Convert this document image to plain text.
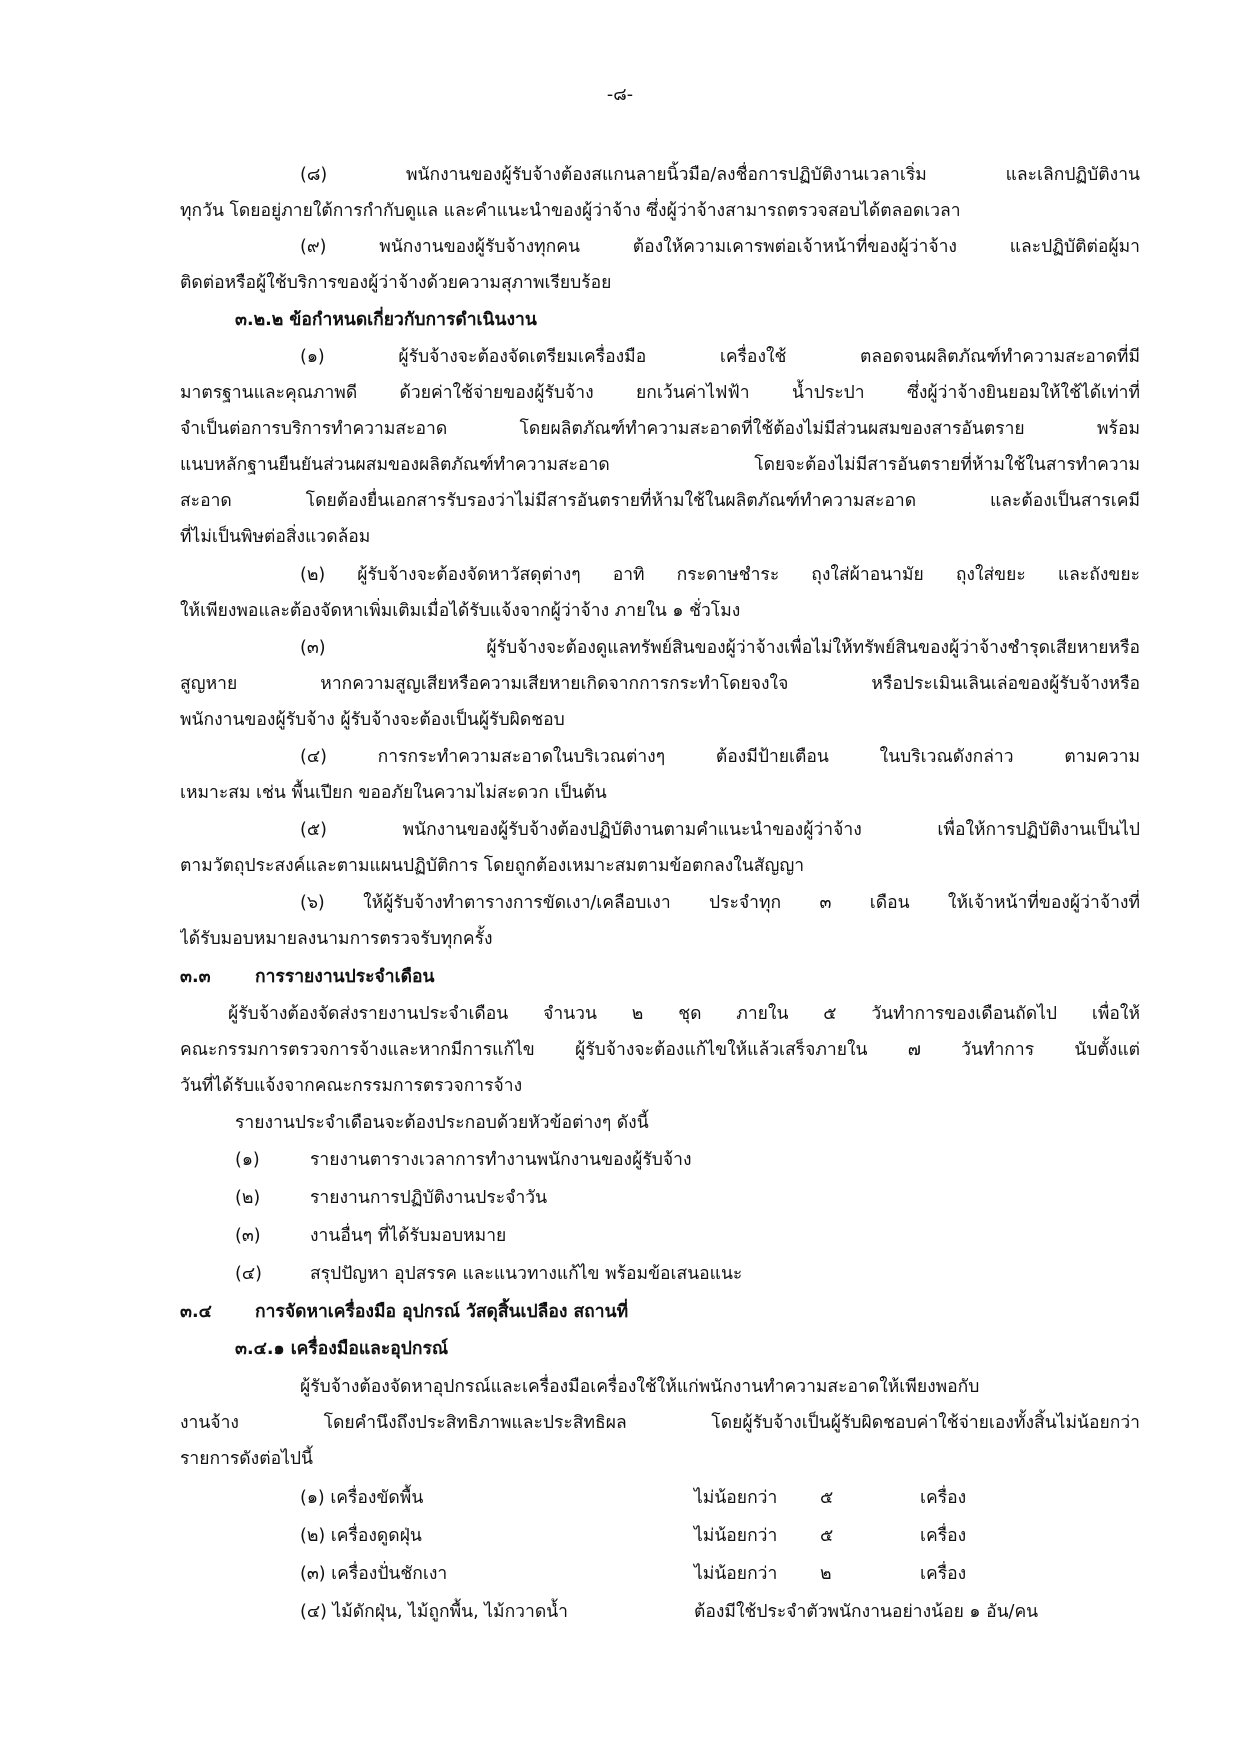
-๘-
(๘) พนักงานของผู้รับจ้างต้องสแกนลายนิ้วมือ/ลงชื่อการปฏิบัติงานเวลาเริ่ม และเลิกปฏิบัติงาน
ทุกวัน โดยอยู่ภายใต้การกำกับดูแล และคำแนะนำของผู้ว่าจ้าง ซึ่งผู้ว่าจ้างสามารถตรวจสอบได้ตลอดเวลา
(๙) พนักงานของผู้รับจ้างทุกคน ต้องให้ความเคารพต่อเจ้าหน้าที่ของผู้ว่าจ้าง และปฏิบัติต่อผู้มา
ติดต่อหรือผู้ใช้บริการของผู้ว่าจ้างด้วยความสุภาพเรียบร้อย
๓.๒.๒ ข้อกำหนดเกี่ยวกับการดำเนินงาน
(๑) ผู้รับจ้างจะต้องจัดเตรียมเครื่องมือ เครื่องใช้ ตลอดจนผลิตภัณฑ์ทำความสะอาดที่มี
มาตรฐานและคุณภาพดี ด้วยค่าใช้จ่ายของผู้รับจ้าง ยกเว้นค่าไฟฟ้า น้ำประปา ซึ่งผู้ว่าจ้างยินยอมให้ใช้ได้เท่าที่
จำเป็นต่อการบริการทำความสะอาด โดยผลิตภัณฑ์ทำความสะอาดที่ใช้ต้องไม่มีส่วนผสมของสารอันตราย พร้อม
แนบหลักฐานยืนยันส่วนผสมของผลิตภัณฑ์ทำความสะอาด โดยจะต้องไม่มีสารอันตรายที่ห้ามใช้ในสารทำความ
สะอาด โดยต้องยื่นเอกสารรับรองว่าไม่มีสารอันตรายที่ห้ามใช้ในผลิตภัณฑ์ทำความสะอาด และต้องเป็นสารเคมี
ที่ไม่เป็นพิษต่อสิ่งแวดล้อม
(๒) ผู้รับจ้างจะต้องจัดหาวัสดุต่างๆ อาทิ กระดาษชำระ ถุงใส่ผ้าอนามัย ถุงใส่ขยะ และถังขยะ
ให้เพียงพอและต้องจัดหาเพิ่มเติมเมื่อได้รับแจ้งจากผู้ว่าจ้าง ภายใน ๑ ชั่วโมง
(๓) ผู้รับจ้างจะต้องดูแลทรัพย์สินของผู้ว่าจ้างเพื่อไม่ให้ทรัพย์สินของผู้ว่าจ้างชำรุดเสียหายหรือ
สูญหาย หากความสูญเสียหรือความเสียหายเกิดจากการกระทำโดยจงใจ หรือประเมินเลินเล่อของผู้รับจ้างหรือ
พนักงานของผู้รับจ้าง ผู้รับจ้างจะต้องเป็นผู้รับผิดชอบ
(๔) การกระทำความสะอาดในบริเวณต่างๆ ต้องมีป้ายเตือน ในบริเวณดังกล่าว ตามความ
เหมาะสม เช่น พื้นเปียก ขออภัยในความไม่สะดวก เป็นต้น
(๕) พนักงานของผู้รับจ้างต้องปฏิบัติงานตามคำแนะนำของผู้ว่าจ้าง เพื่อให้การปฏิบัติงานเป็นไป
ตามวัตถุประสงค์และตามแผนปฏิบัติการ โดยถูกต้องเหมาะสมตามข้อตกลงในสัญญา
(๖) ให้ผู้รับจ้างทำตารางการขัดเงา/เคลือบเงา ประจำทุก ๓ เดือน ให้เจ้าหน้าที่ของผู้ว่าจ้างที่
ได้รับมอบหมายลงนามการตรวจรับทุกครั้ง
๓.๓	การรายงานประจำเดือน
ผู้รับจ้างต้องจัดส่งรายงานประจำเดือน จำนวน ๒ ชุด ภายใน ๕ วันทำการของเดือนถัดไป เพื่อให้
คณะกรรมการตรวจการจ้างและหากมีการแก้ไข ผู้รับจ้างจะต้องแก้ไขให้แล้วเสร็จภายใน ๗ วันทำการ นับตั้งแต่
วันที่ได้รับแจ้งจากคณะกรรมการตรวจการจ้าง
รายงานประจำเดือนจะต้องประกอบด้วยหัวข้อต่างๆ ดังนี้
(๑)	รายงานตารางเวลาการทำงานพนักงานของผู้รับจ้าง
(๒)	รายงานการปฏิบัติงานประจำวัน
(๓)	งานอื่นๆ ที่ได้รับมอบหมาย
(๔)	สรุปปัญหา อุปสรรค และแนวทางแก้ไข พร้อมข้อเสนอแนะ
๓.๔ การจัดหาเครื่องมือ อุปกรณ์ วัสดุสิ้นเปลือง สถานที่
๓.๔.๑ เครื่องมือและอุปกรณ์
ผู้รับจ้างต้องจัดหาอุปกรณ์และเครื่องมือเครื่องใช้ให้แก่พนักงานทำความสะอาดให้เพียงพอกับ
งานจ้าง โดยคำนึงถึงประสิทธิภาพและประสิทธิผล โดยผู้รับจ้างเป็นผู้รับผิดชอบค่าใช้จ่ายเองทั้งสิ้นไม่น้อยกว่า
รายการดังต่อไปนี้
(๑) เครื่องขัดพื้น	ไม่น้อยกว่า ๕	เครื่อง
(๒) เครื่องดูดฝุ่น	ไม่น้อยกว่า ๕	เครื่อง
(๓) เครื่องปั่นชักเงา	ไม่น้อยกว่า ๒	เครื่อง
(๔) ไม้ดักฝุ่น, ไม้ถูกพื้น, ไม้กวาดน้ำ	ต้องมีใช้ประจำตัวพนักงานอย่างน้อย ๑ อัน/คน
